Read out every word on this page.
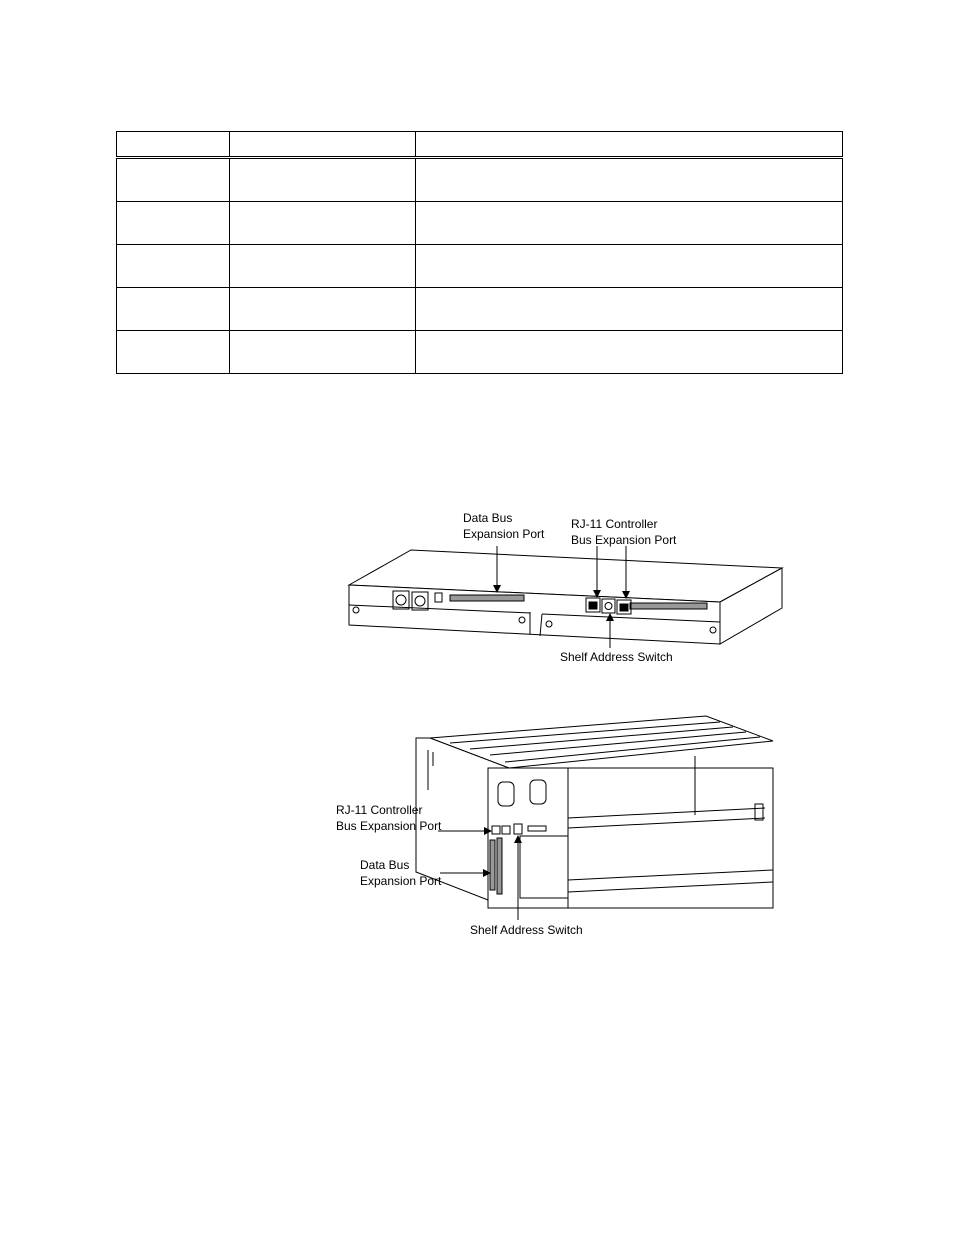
Data Bus
Expansion Port
RJ-11 Controller
Bus Expansion Port
Shelf Address Switch
RJ-11 Controller
Bus Expansion Port
Data Bus
Expansion Port
Shelf Address Switch
